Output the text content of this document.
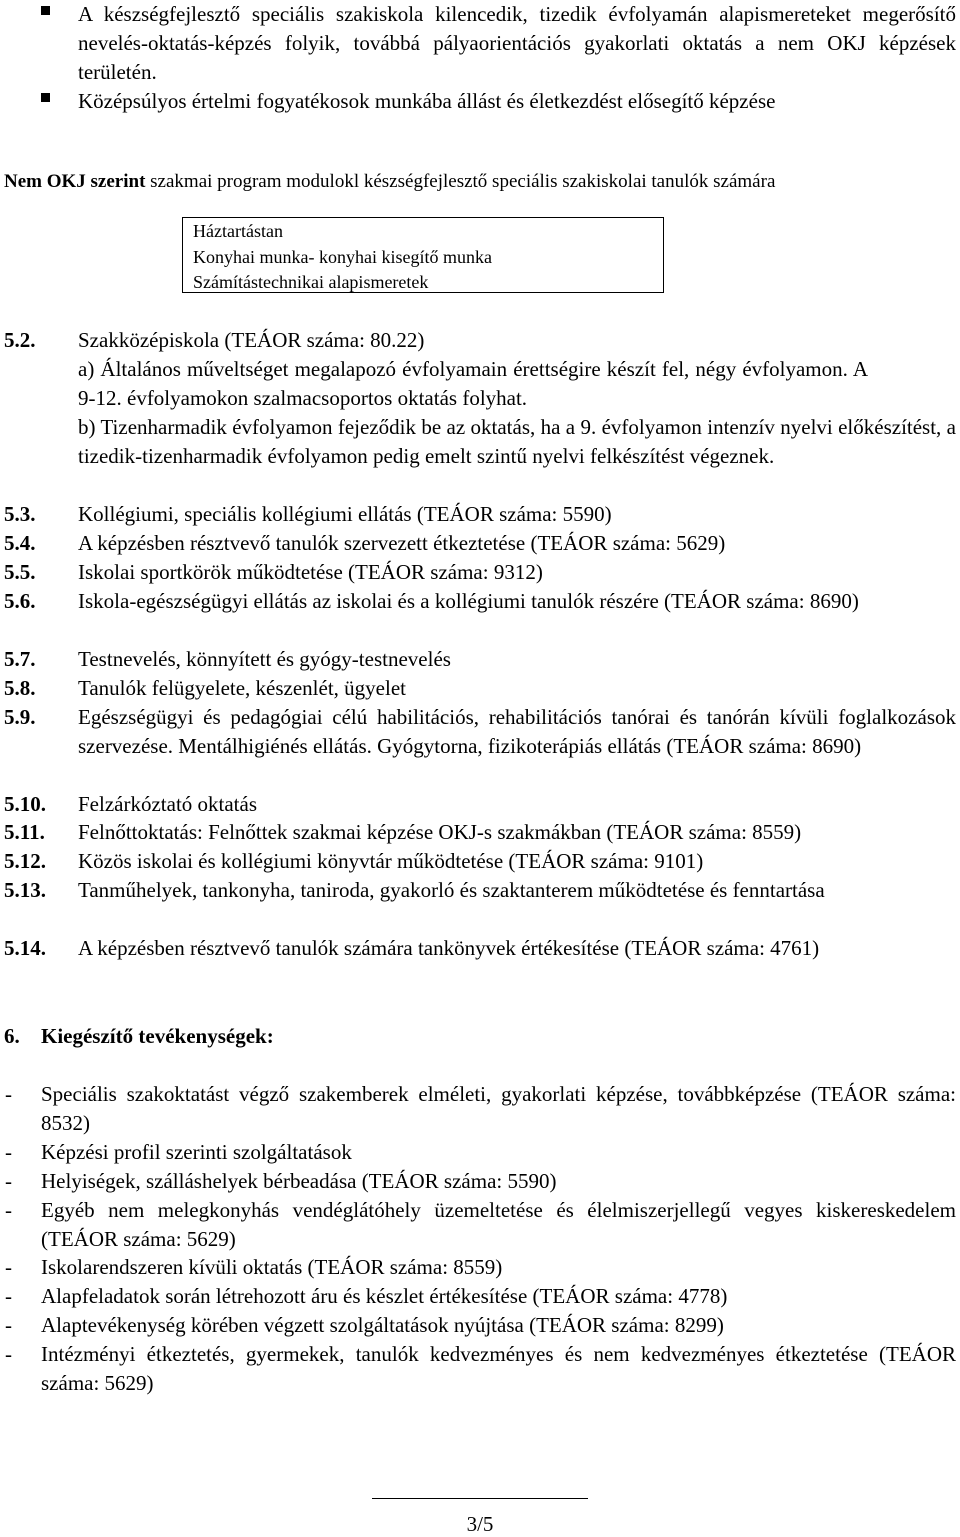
A készségfejlesztő speciális szakiskola kilencedik, tizedik évfolyamán alapismereteket megerősítő nevelés-oktatás-képzés folyik, továbbá pályaorientációs gyakorlati oktatás a nem OKJ képzések területén.
Középsúlyos értelmi fogyatékosok munkába állást és életkezdést elősegítő képzése
Nem OKJ szerint szakmai program modulokl készségfejlesztő speciális szakiskolai tanulók számára
Háztartástan
Konyhai munka- konyhai kisegítő munka
Számítástechnikai alapismeretek
5.2. Szakközépiskola (TEÁOR száma: 80.22)
a) Általános műveltséget megalapozó évfolyamain érettségire készít fel, négy évfolyamon. A 9-12. évfolyamokon szalmacsoportos oktatás folyhat.
b) Tizenharmadik évfolyamon fejeződik be az oktatás, ha a 9. évfolyamon intenzív nyelvi előkészítést, a tizedik-tizenharmadik évfolyamon pedig emelt szintű nyelvi felkészítést végeznek.
5.3. Kollégiumi, speciális kollégiumi ellátás (TEÁOR száma: 5590)
5.4. A képzésben résztvevő tanulók szervezett étkeztetése (TEÁOR száma: 5629)
5.5. Iskolai sportkörök működtetése (TEÁOR száma: 9312)
5.6. Iskola-egészségügyi ellátás az iskolai és a kollégiumi tanulók részére (TEÁOR száma: 8690)
5.7. Testnevelés, könnyített és gyógy-testnevelés
5.8. Tanulók felügyelete, készenlét, ügyelet
5.9. Egészségügyi és pedagógiai célú habilitációs, rehabilitációs tanórai és tanórán kívüli foglalkozások szervezése. Mentálhigiénés ellátás. Gyógytorna, fizikoterápiás ellátás (TEÁOR száma: 8690)
5.10. Felzárkóztató oktatás
5.11. Felnőttoktatás: Felnőttek szakmai képzése OKJ-s szakmákban (TEÁOR száma: 8559)
5.12. Közös iskolai és kollégiumi könyvtár működtetése (TEÁOR száma: 9101)
5.13. Tanműhelyek, tankonyha, taniroda, gyakorló és szaktanterem működtetése és fenntartása
5.14. A képzésben résztvevő tanulók számára tankönyvek értékesítése (TEÁOR száma: 4761)
6. Kiegészítő tevékenységek:
- Speciális szakoktatást végző szakemberek elméleti, gyakorlati képzése, továbbképzése (TEÁOR száma: 8532)
- Képzési profil szerinti szolgáltatások
- Helyiségek, szálláshelyek bérbeadása (TEÁOR száma: 5590)
- Egyéb nem melegkonyhás vendéglátóhely üzemeltetése és élelmiszerjellegű vegyes kiskereskedelem (TEÁOR száma: 5629)
- Iskolarendszeren kívüli oktatás (TEÁOR száma: 8559)
- Alapfeladatok során létrehozott áru és készlet értékesítése (TEÁOR száma: 4778)
- Alaptevékenység körében végzett szolgáltatások nyújtása (TEÁOR száma: 8299)
- Intézményi étkeztetés, gyermekek, tanulók kedvezményes és nem kedvezményes étkeztetése (TEÁOR száma: 5629)
3/5
